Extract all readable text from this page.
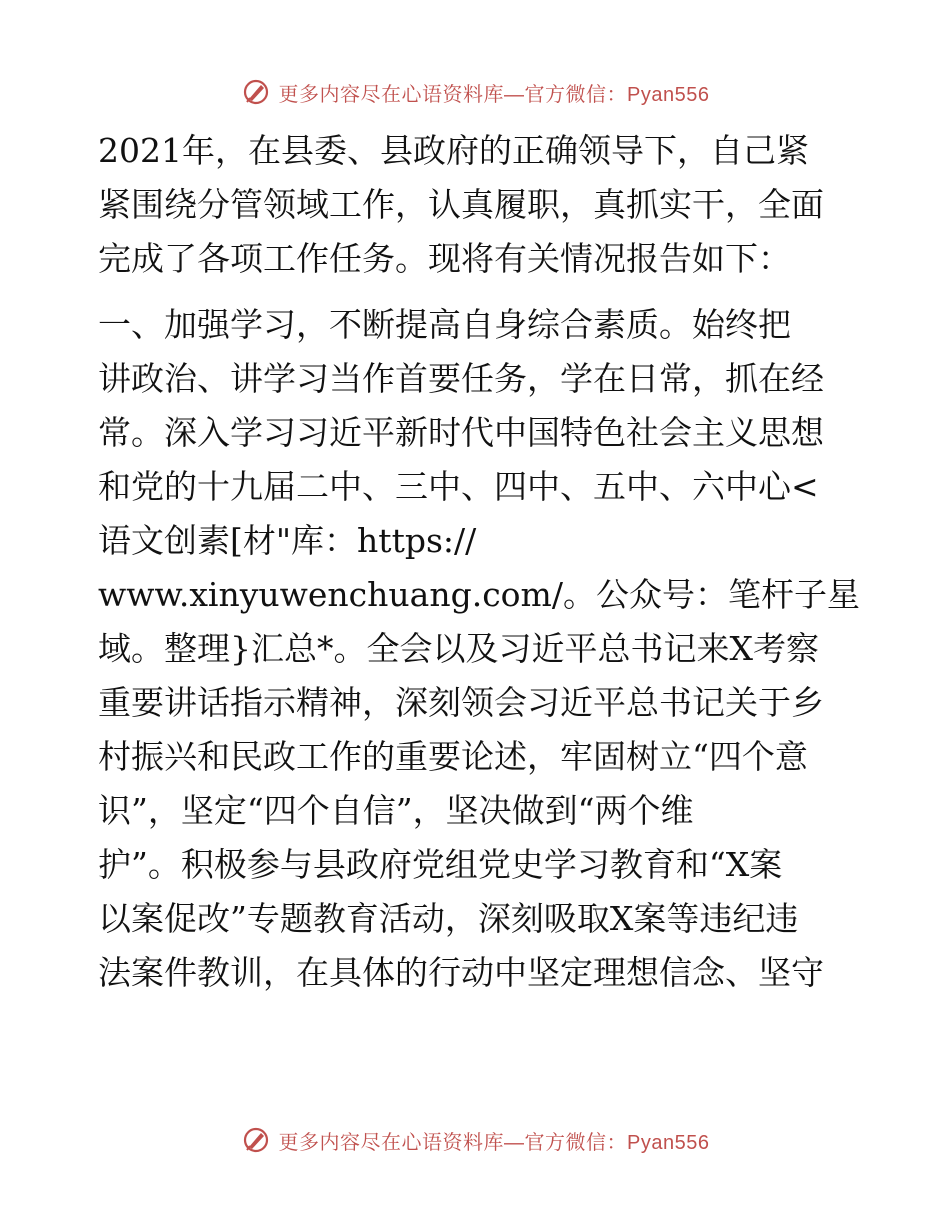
更多内容尽在心语资料库—官方微信：Pyan556
2021年，在县委、县政府的正确领导下，自己紧
紧围绕分管领域工作，认真履职，真抓实干，全面
完成了各项工作任务。现将有关情况报告如下：
一、加强学习，不断提高自身综合素质。始终把
讲政治、讲学习当作首要任务，学在日常，抓在经
常。深入学习习近平新时代中国特色社会主义思想
和党的十九届二中、三中、四中、五中、六中心<
语文创素[材"库：https://
www.xinyuwenchuang.com/。公众号：笔杆子星
域。整理}汇总*。全会以及习近平总书记来X考察
重要讲话指示精神，深刻领会习近平总书记关于乡
村振兴和民政工作的重要论述，牢固树立“四个意
识”，坚定“四个自信”，坚决做到“两个维
护”。积极参与县政府党组党史学习教育和“X案
以案促改”专题教育活动，深刻吸取X案等违纪违
法案件教训，在具体的行动中坚定理想信念、坚守
更多内容尽在心语资料库—官方微信：Pyan556
